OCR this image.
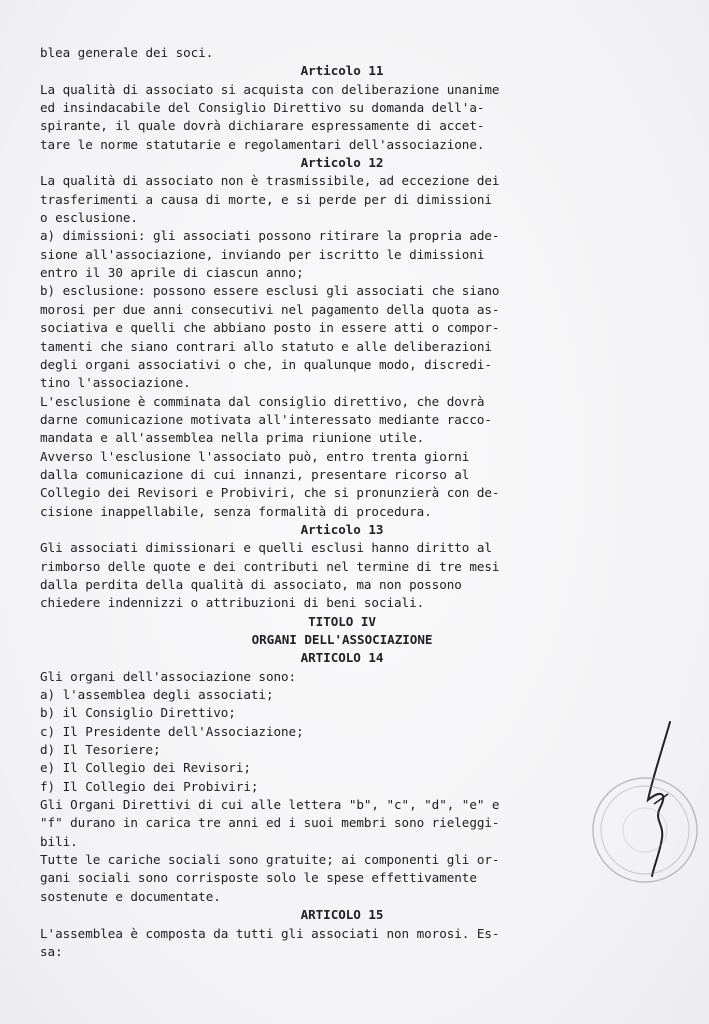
blea generale dei soci.
Articolo 11
La qualità di associato si acquista con deliberazione unanime
ed insindacabile del Consiglio Direttivo su domanda dell'a-
spirante, il quale dovrà dichiarare espressamente di accet-
tare le norme statutarie e regolamentari dell'associazione.
Articolo 12
La qualità di associato non è trasmissibile, ad eccezione dei
trasferimenti a causa di morte, e si perde per di dimissioni
o esclusione.
a) dimissioni: gli associati possono ritirare la propria ade-
sione all'associazione, inviando per iscritto le dimissioni
entro il 30 aprile di ciascun anno;
b) esclusione: possono essere esclusi gli associati che siano
morosi per due anni consecutivi nel pagamento della quota as-
sociativa e quelli che abbiano posto in essere atti o compor-
tamenti che siano contrari allo statuto e alle deliberazioni
degli organi associativi o che, in qualunque modo, discredi-
tino l'associazione.
L'esclusione è comminata dal consiglio direttivo, che dovrà
darne comunicazione motivata all'interessato mediante racco-
mandata e all'assemblea nella prima riunione utile.
Avverso l'esclusione l'associato può, entro trenta giorni
dalla comunicazione di cui innanzi, presentare ricorso al
Collegio dei Revisori e Probiviri, che si pronunzierà con de-
cisione inappellabile, senza formalità di procedura.
Articolo 13
Gli associati dimissionari e quelli esclusi hanno diritto al
rimborso delle quote e dei contributi nel termine di tre mesi
dalla perdita della qualità di associato, ma non possono
chiedere indennizzi o attribuzioni di beni sociali.
TITOLO IV
ORGANI DELL'ASSOCIAZIONE
ARTICOLO 14
Gli organi dell'associazione sono:
a) l'assemblea degli associati;
b) il Consiglio Direttivo;
c) Il Presidente dell'Associazione;
d) Il Tesoriere;
e) Il Collegio dei Revisori;
f) Il Collegio dei Probiviri;
Gli Organi Direttivi di cui alle lettera "b", "c", "d", "e" e
"f" durano in carica tre anni ed i suoi membri sono rieleggi-
bili.
Tutte le cariche sociali sono gratuite; ai componenti gli or-
gani sociali sono corrisposte solo le spese effettivamente
sostenute e documentate.
ARTICOLO 15
L'assemblea è composta da tutti gli associati non morosi. Es-
sa:
